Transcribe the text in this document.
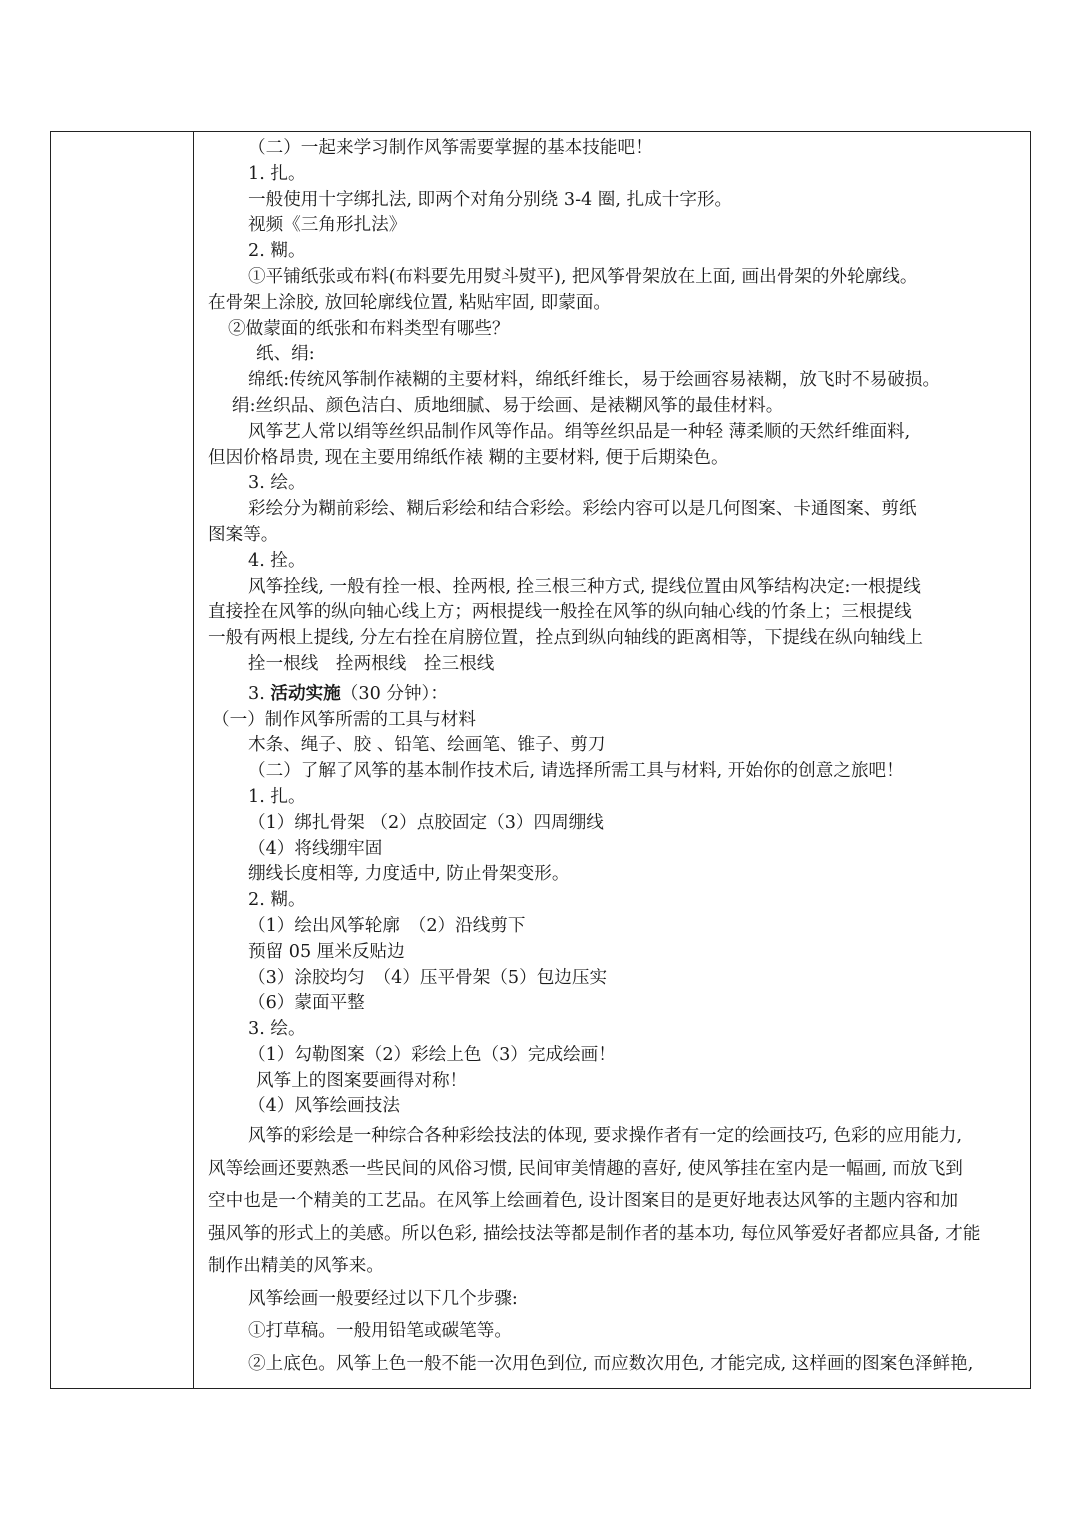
（二）一起来学习制作风筝需要掌握的基本技能吧！
1. 扎。
一般使用十字绑扎法, 即两个对角分别绕 3-4 圈, 扎成十字形。
视频《三角形扎法》
2. 糊。
①平铺纸张或布料(布料要先用熨斗熨平), 把风筝骨架放在上面, 画出骨架的外轮廓线。
在骨架上涂胶, 放回轮廓线位置, 粘贴牢固, 即蒙面。
②做蒙面的纸张和布料类型有哪些？
纸、绢:
绵纸:传统风筝制作裱糊的主要材料，绵纸纤维长，易于绘画容易裱糊，放飞时不易破损。
绢:丝织品、颜色洁白、质地细腻、易于绘画、是裱糊风筝的最佳材料。
风筝艺人常以绢等丝织品制作风等作品。绢等丝织品是一种轻 薄柔顺的天然纤维面料,
但因价格昂贵, 现在主要用绵纸作裱 糊的主要材料, 便于后期染色。
3. 绘。
彩绘分为糊前彩绘、糊后彩绘和结合彩绘。彩绘内容可以是几何图案、卡通图案、剪纸
图案等。
4. 拴。
风筝拴线, 一般有拴一根、拴两根, 拴三根三种方式, 提线位置由风筝结构决定:一根提线
直接拴在风筝的纵向轴心线上方；两根提线一般拴在风筝的纵向轴心线的竹条上；三根提线
一般有两根上提线, 分左右拴在肩膀位置，拴点到纵向轴线的距离相等，下提线在纵向轴线上
拴一根线　拴两根线　拴三根线
3. 活动实施（30 分钟）：
（一）制作风筝所需的工具与材料
木条、绳子、胶 、铅笔、绘画笔、锥子、剪刀
（二）了解了风筝的基本制作技术后, 请选择所需工具与材料, 开始你的创意之旅吧！
1. 扎。
（1）绑扎骨架 （2）点胶固定（3）四周绷线
（4）将线绷牢固
绷线长度相等, 力度适中, 防止骨架变形。
2. 糊。
（1）绘出风筝轮廓　（2）沿线剪下
预留 05 厘米反贴边
（3）涂胶均匀　（4）压平骨架（5）包边压实
（6）蒙面平整
3. 绘。
（1）勾勒图案（2）彩绘上色（3）完成绘画！
风筝上的图案要画得对称！
（4）风筝绘画技法
风筝的彩绘是一种综合各种彩绘技法的体现, 要求操作者有一定的绘画技巧, 色彩的应用能力,
风等绘画还要熟悉一些民间的风俗习惯, 民间审美情趣的喜好, 使风筝挂在室内是一幅画, 而放飞到
空中也是一个精美的工艺品。在风筝上绘画着色, 设计图案目的是更好地表达风筝的主题内容和加
强风筝的形式上的美感。所以色彩, 描绘技法等都是制作者的基本功, 每位风筝爱好者都应具备, 才能
制作出精美的风筝来。
风筝绘画一般要经过以下几个步骤:
①打草稿。一般用铅笔或碳笔等。
②上底色。风筝上色一般不能一次用色到位, 而应数次用色, 才能完成, 这样画的图案色泽鲜艳,
